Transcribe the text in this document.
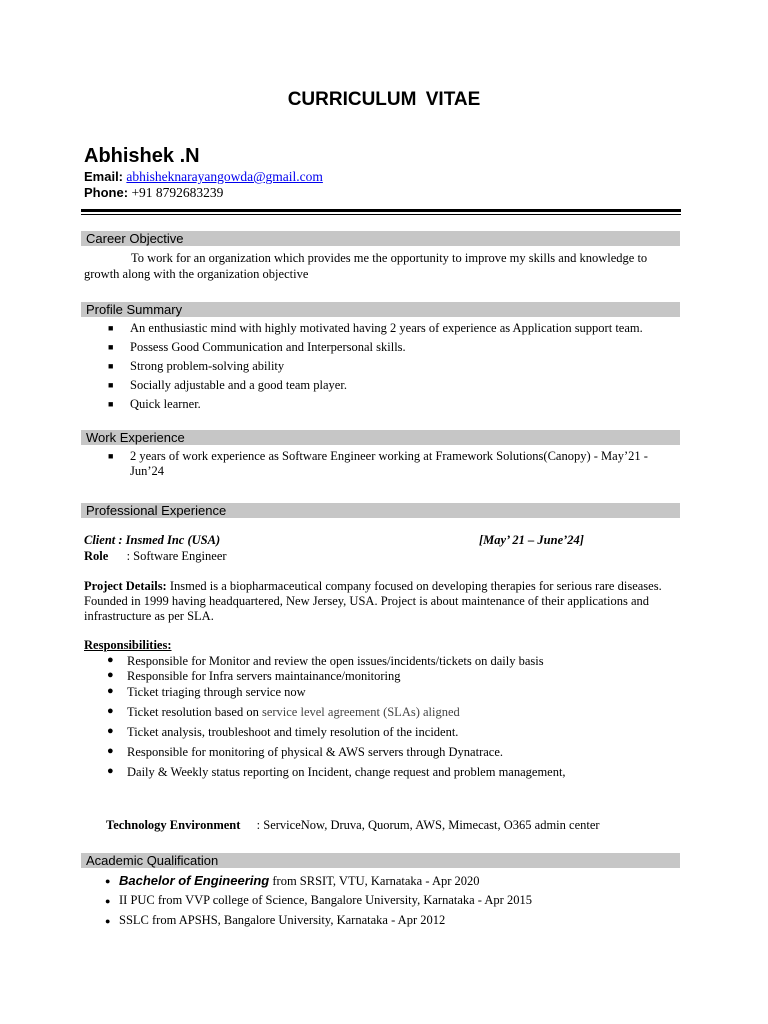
CURRICULUM VITAE
Abhishek .N
Email: abhisheknarayangowda@gmail.com
Phone: +91 8792683239
Career Objective
To work for an organization which provides me the opportunity to improve my skills and knowledge to
growth along with the organization objective
Profile Summary
■ An enthusiastic mind with highly motivated having 2 years of experience as Application support team.
■ Possess Good Communication and Interpersonal skills.
■ Strong problem-solving ability
■ Socially adjustable and a good team player.
■ Quick learner.
Work Experience
■ 2 years of work experience as Software Engineer working at Framework Solutions(Canopy) - May’21 -
Jun’24
Professional Experience
Client : Insmed Inc (USA)	[May’ 21 – June’24]
Role : Software Engineer
Project Details: Insmed is a biopharmaceutical company focused on developing therapies for serious rare diseases.
Founded in 1999 having headquartered, New Jersey, USA. Project is about maintenance of their applications and
infrastructure as per SLA.
Responsibilities:
● Responsible for Monitor and review the open issues/incidents/tickets on daily basis
● Responsible for Infra servers maintainance/monitoring
● Ticket triaging through service now
● Ticket resolution based on service level agreement (SLAs) aligned
● Ticket analysis, troubleshoot and timely resolution of the incident.
● Responsible for monitoring of physical & AWS servers through Dynatrace.
● Daily & Weekly status reporting on Incident, change request and problem management,
Technology Environment : ServiceNow, Druva, Quorum, AWS, Mimecast, O365 admin center
Academic Qualification
● Bachelor of Engineering from SRSIT, VTU, Karnataka - Apr 2020
● II PUC from VVP college of Science, Bangalore University, Karnataka - Apr 2015
● SSLC from APSHS, Bangalore University, Karnataka - Apr 2012
